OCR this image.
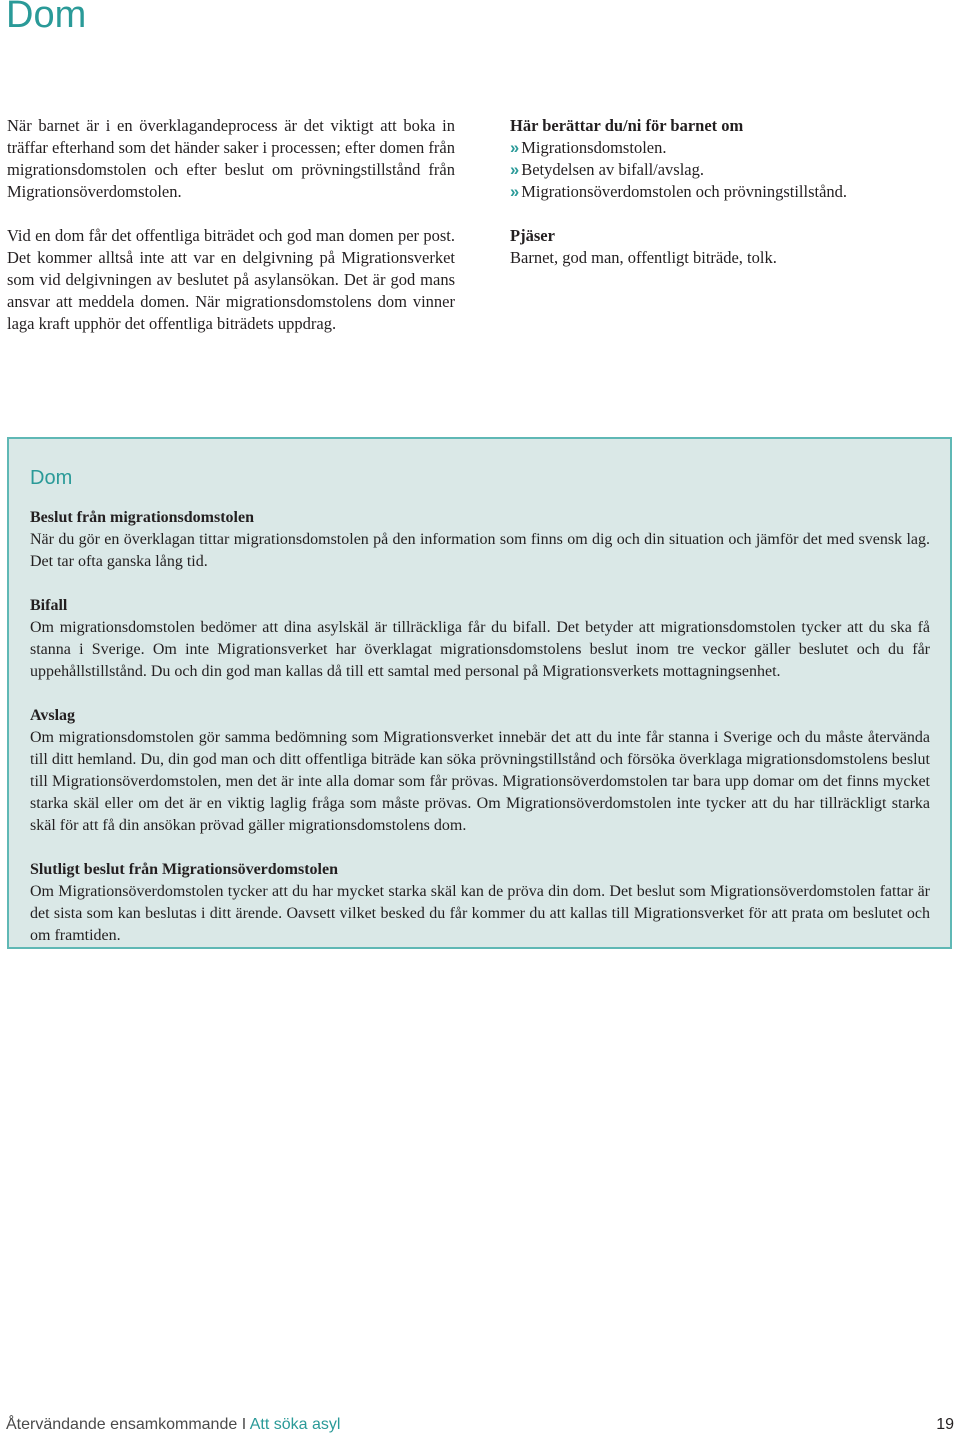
Dom

När barnet är i en överklagandeprocess är det viktigt att boka in träffar efterhand som det händer saker i processen; efter domen från migrationsdomstolen och efter beslut om prövningstillstånd från Migrationsöverdomstolen.

Vid en dom får det offentliga biträdet och god man domen per post. Det kommer alltså inte att var en delgivning på Migrationsverket som vid delgivningen av beslutet på asylansökan. Det är god mans ansvar att meddela domen. När migrationsdomstolens dom vinner laga kraft upphör det offentliga biträdets uppdrag.

Här berättar du/ni för barnet om

» Migrationsdomstolen.
» Betydelsen av bifall/avslag.
» Migrationsöverdomstolen och prövningstillstånd.

Pjäser

Barnet, god man, offentligt biträde, tolk.

Dom
Beslut från migrationsdomstolen
När du gör en överklagan tittar migrationsdomstolen på den information som finns om dig och din situation och jämför det med svensk lag. Det tar ofta ganska lång tid.
Bifall
Om migrationsdomstolen bedömer att dina asylskäl är tillräckliga får du bifall. Det betyder att migrationsdomstolen tycker att du ska få stanna i Sverige. Om inte Migrationsverket har överklagat migrationsdomstolens beslut inom tre veckor gäller beslutet och du får uppehållstillstånd. Du och din god man kallas då till ett samtal med personal på Migrationsverkets mottagningsenhet.
Avslag
Om migrationsdomstolen gör samma bedömning som Migrationsverket innebär det att du inte får stanna i Sverige och du måste återvända till ditt hemland. Du, din god man och ditt offentliga biträde kan söka prövningstillstånd och försöka överklaga migrationsdomstolens beslut till Migrationsöverdomstolen, men det är inte alla domar som får prövas. Migrationsöverdomstolen tar bara upp domar om det finns mycket starka skäl eller om det är en viktig laglig fråga som måste prövas. Om Migrationsöverdomstolen inte tycker att du har tillräckligt starka skäl för att få din ansökan prövad gäller migrationsdomstolens dom.
Slutligt beslut från Migrationsöverdomstolen
Om Migrationsöverdomstolen tycker att du har mycket starka skäl kan de pröva din dom. Det beslut som Migrationsöverdomstolen fattar är det sista som kan beslutas i ditt ärende. Oavsett vilket besked du får kommer du att kallas till Migrationsverket för att prata om beslutet och om framtiden.
Återvändande ensamkommande I Att söka asyl	19
